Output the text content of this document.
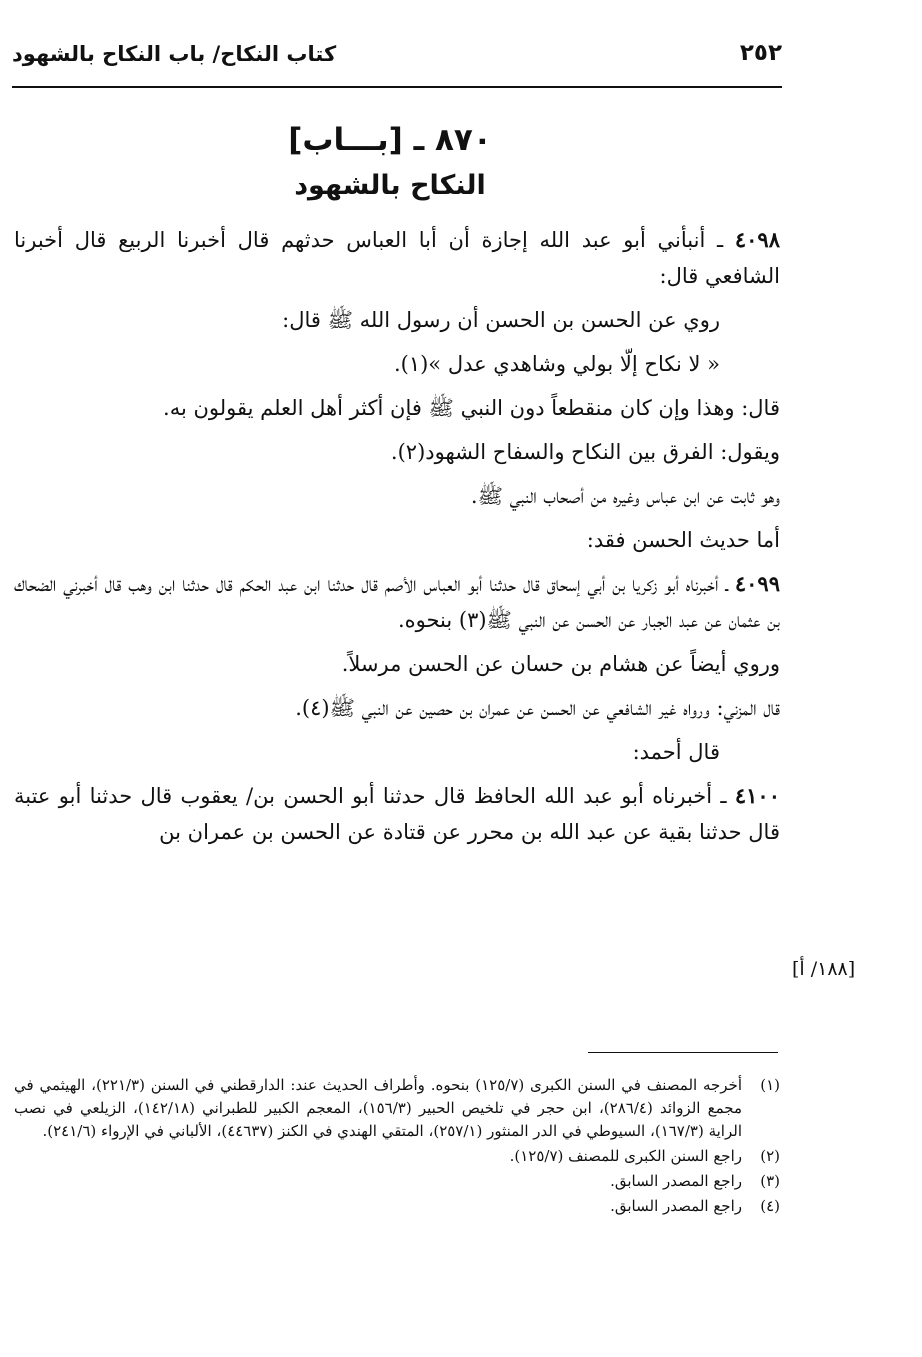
٢٥٢
كتاب النكاح/ باب النكاح بالشهود
٨٧٠ ـ [بـــاب]
النكاح بالشهود

٤٠٩٨ ـ أنبأني أبو عبد الله إجازة أن أبا العباس حدثهم قال أخبرنا الربيع قال أخبرنا الشافعي قال:

روي عن الحسن بن الحسن أن رسول الله ﷺ قال:

« لا نكاح إلّا بولي وشاهدي عدل »(١).

قال: وهذا وإن كان منقطعاً دون النبي ﷺ فإن أكثر أهل العلم يقولون به.

ويقول: الفرق بين النكاح والسفاح الشهود(٢).

وهو ثابت عن ابن عباس وغيره من أصحاب النبي ﷺ.

أما حديث الحسن فقد:

٤٠٩٩ ـ أخبرناه أبو زكريا بن أبي إسحاق قال حدثنا أبو العباس الأصم قال حدثنا ابن عبد الحكم قال حدثنا ابن وهب قال أخبرني الضحاك بن عثمان عن عبد الجبار عن الحسن عن النبي ﷺ(٣) بنحوه.

وروي أيضاً عن هشام بن حسان عن الحسن مرسلاً.

قال المزني: ورواه غير الشافعي عن الحسن عن عمران بن حصين عن النبي ﷺ(٤).

قال أحمد:

٤١٠٠ ـ أخبرناه أبو عبد الله الحافظ قال حدثنا أبو الحسن بن/ يعقوب قال حدثنا أبو عتبة قال حدثنا بقية عن عبد الله بن محرر عن قتادة عن الحسن بن عمران بن

[١٨٨/ أ]
(١)
أخرجه المصنف في السنن الكبرى (١٢٥/٧) بنحوه. وأطراف الحديث عند: الدارقطني في السنن (٢٢١/٣)، الهيثمي في مجمع الزوائد (٢٨٦/٤)، ابن حجر في تلخيص الحبير (١٥٦/٣)، المعجم الكبير للطبراني (١٤٢/١٨)، الزيلعي في نصب الراية (١٦٧/٣)، السيوطي في الدر المنثور (٢٥٧/١)، المتقي الهندي في الكنز (٤٤٦٣٧)، الألباني في الإرواء (٢٤١/٦).
(٢)
راجع السنن الكبرى للمصنف (١٢٥/٧).
(٣)
راجع المصدر السابق.
(٤)
راجع المصدر السابق.
